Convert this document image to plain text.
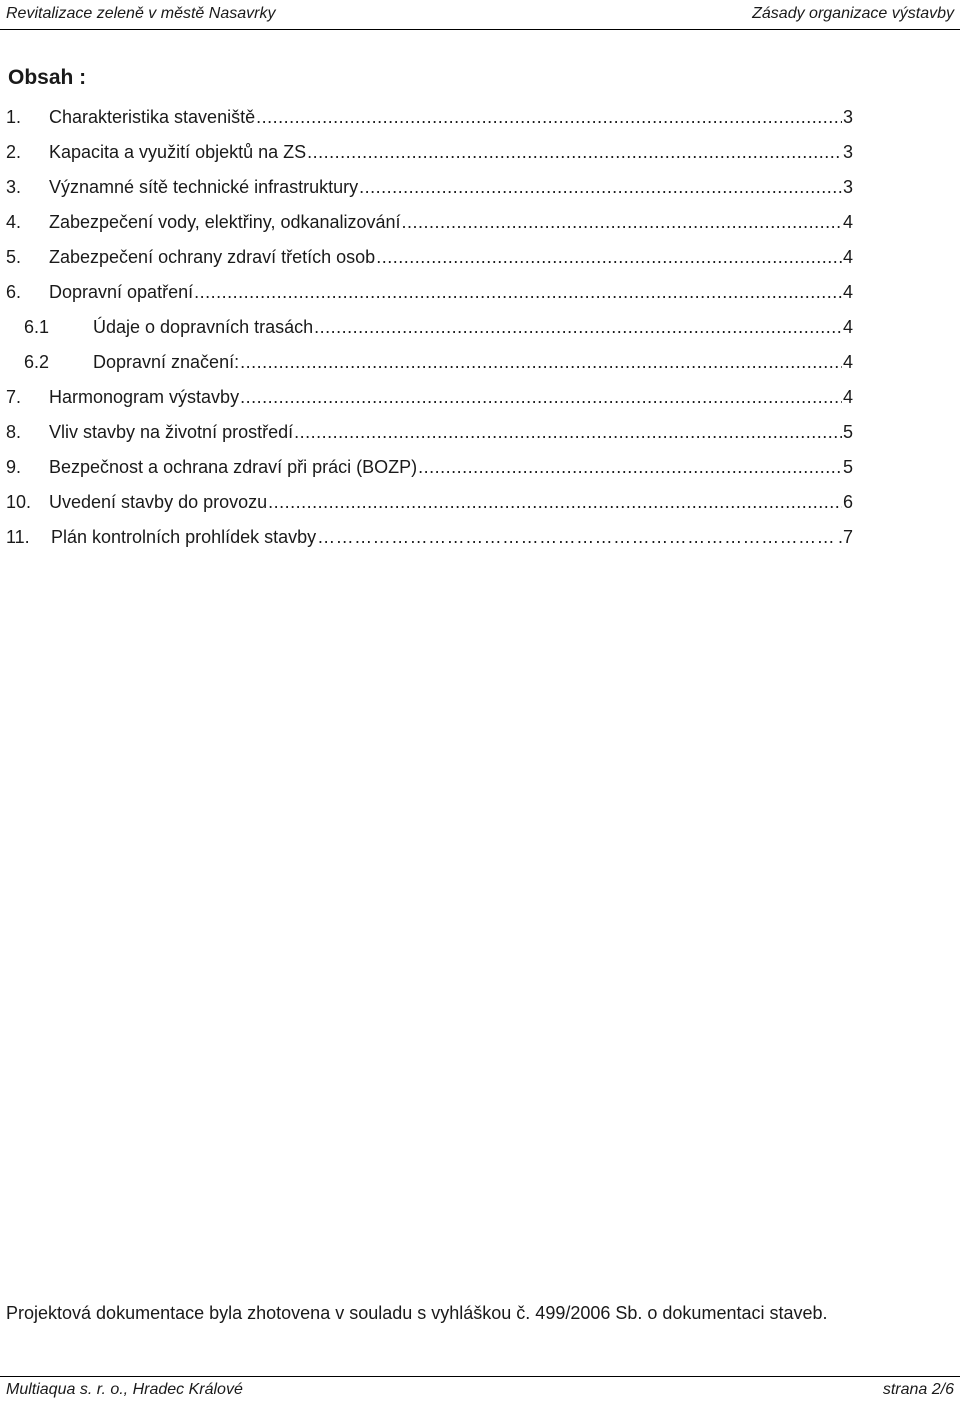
Revitalizace zeleně v městě Nasavrky	Zásady organizace výstavby
Obsah :
1.	Charakteristika staveniště .....	3
2.	Kapacita a využití objektů na ZS .....	3
3.	Významné sítě technické infrastruktury .....	3
4.	Zabezpečení vody, elektřiny, odkanalizování .....	4
5.	Zabezpečení ochrany zdraví třetích osob .....	4
6.	Dopravní opatření .....	4
6.1	Údaje o dopravních trasách .....	4
6.2	Dopravní značení: .....	4
7.	Harmonogram výstavby .....	4
8.	Vliv stavby na životní prostředí .....	5
9.	Bezpečnost a ochrana zdraví při práci (BOZP) .....	5
10. Uvedení stavby do provozu .....	6
11.	Plán kontrolních prohlídek stavby ……………………………………………………………………………………………………………………………………………	.7
Projektová dokumentace byla zhotovena v souladu s vyhláškou č. 499/2006 Sb. o dokumentaci staveb.
Multiaqua s. r. o., Hradec Králové	strana 2/6
